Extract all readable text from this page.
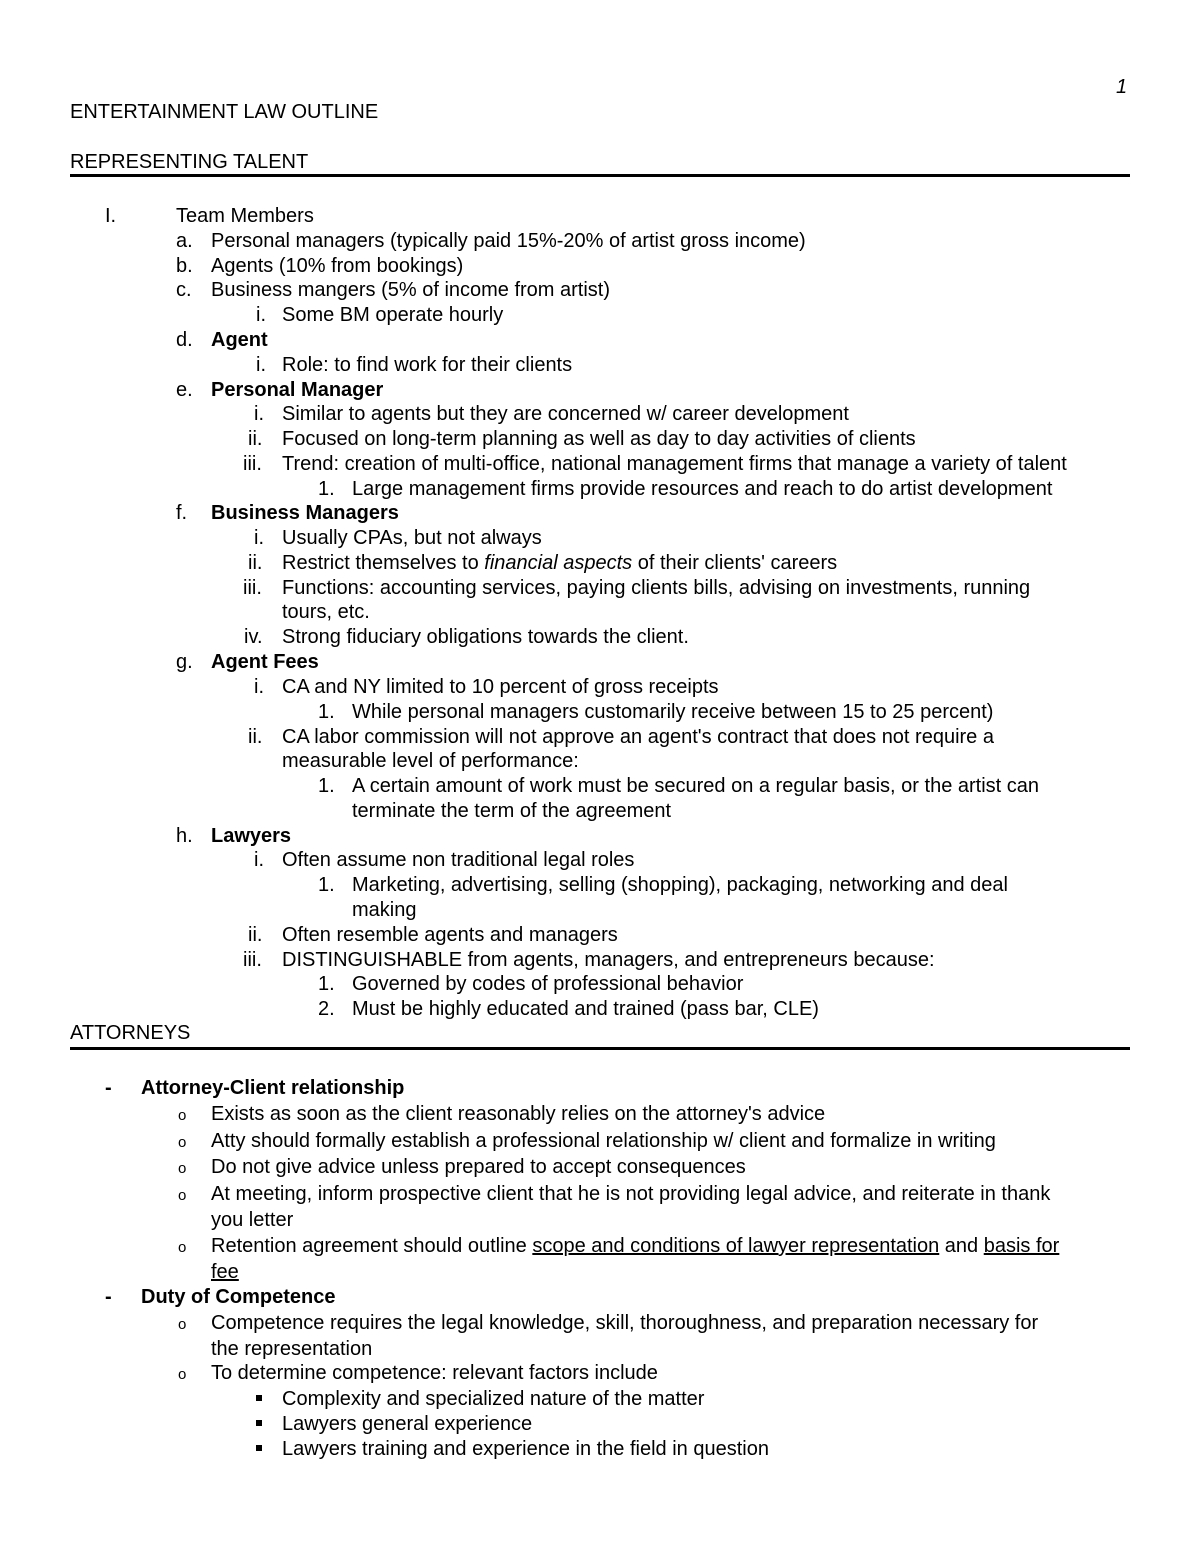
1
ENTERTAINMENT LAW OUTLINE
REPRESENTING TALENT
I.	Team Members
a. Personal managers (typically paid 15%-20% of artist gross income)
b. Agents (10% from bookings)
c. Business mangers (5% of income from artist)
i. Some BM operate hourly
d. Agent
i. Role: to find work for their clients
e. Personal Manager
i. Similar to agents but they are concerned w/ career development
ii. Focused on long-term planning as well as day to day activities of clients
iii. Trend: creation of multi-office, national management firms that manage a variety of talent
1. Large management firms provide resources and reach to do artist development
f. Business Managers
i. Usually CPAs, but not always
ii. Restrict themselves to financial aspects of their clients' careers
iii. Functions: accounting services, paying clients bills, advising on investments, running
tours, etc.
iv. Strong fiduciary obligations towards the client.
g. Agent Fees
i. CA and NY limited to 10 percent of gross receipts
1. While personal managers customarily receive between 15 to 25 percent)
ii. CA labor commission will not approve an agent's contract that does not require a
measurable level of performance:
1. A certain amount of work must be secured on a regular basis, or the artist can
terminate the term of the agreement
h. Lawyers
i. Often assume non traditional legal roles
1. Marketing, advertising, selling (shopping), packaging, networking and deal
making
ii. Often resemble agents and managers
iii. DISTINGUISHABLE from agents, managers, and entrepreneurs because:
1. Governed by codes of professional behavior
2. Must be highly educated and trained (pass bar, CLE)
ATTORNEYS
- Attorney-Client relationship
o Exists as soon as the client reasonably relies on the attorney's advice
o Atty should formally establish a professional relationship w/ client and formalize in writing
o Do not give advice unless prepared to accept consequences
o At meeting, inform prospective client that he is not providing legal advice, and reiterate in thank
you letter
o Retention agreement should outline scope and conditions of lawyer representation and basis for
fee
- Duty of Competence
o Competence requires the legal knowledge, skill, thoroughness, and preparation necessary for
the representation
o To determine competence: relevant factors include
Complexity and specialized nature of the matter
Lawyers general experience
Lawyers training and experience in the field in question
